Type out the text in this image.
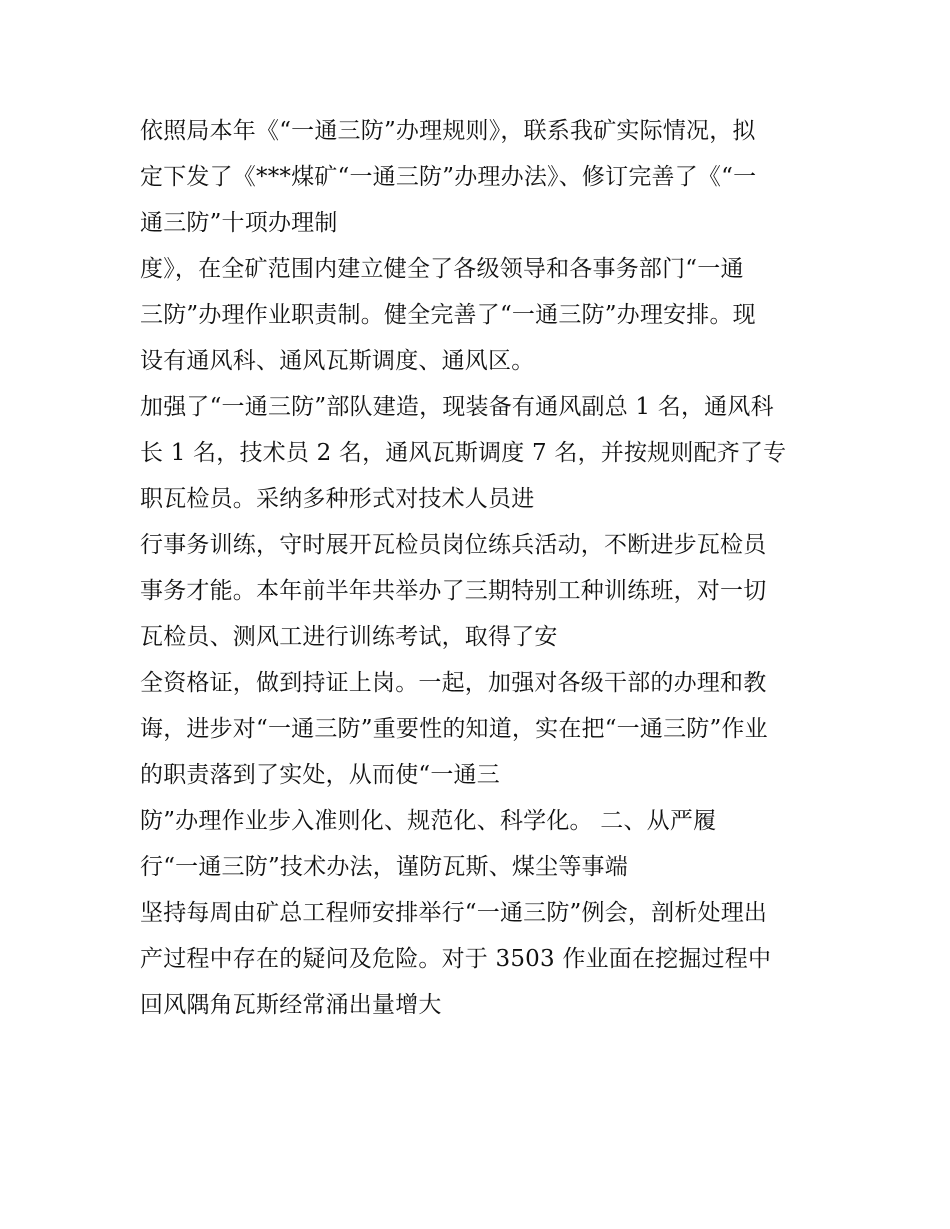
依照局本年《“一通三防”办理规则》，联系我矿实际情况，拟
定下发了《***煤矿“一通三防”办理办法》、修订完善了《“一
通三防”十项办理制
度》，在全矿范围内建立健全了各级领导和各事务部门“一通
三防”办理作业职责制。健全完善了“一通三防”办理安排。现
设有通风科、通风瓦斯调度、通风区。
加强了“一通三防”部队建造，现装备有通风副总 1 名，通风科
长 1 名，技术员 2 名，通风瓦斯调度 7 名，并按规则配齐了专
职瓦检员。采纳多种形式对技术人员进
行事务训练，守时展开瓦检员岗位练兵活动，不断进步瓦检员
事务才能。本年前半年共举办了三期特别工种训练班，对一切
瓦检员、测风工进行训练考试，取得了安
全资格证，做到持证上岗。一起，加强对各级干部的办理和教
诲，进步对“一通三防”重要性的知道，实在把“一通三防”作业
的职责落到了实处，从而使“一通三
防”办理作业步入准则化、规范化、科学化。 二、从严履
行“一通三防”技术办法，谨防瓦斯、煤尘等事端
坚持每周由矿总工程师安排举行“一通三防”例会，剖析处理出
产过程中存在的疑问及危险。对于 3503 作业面在挖掘过程中
回风隅角瓦斯经常涌出量增大
